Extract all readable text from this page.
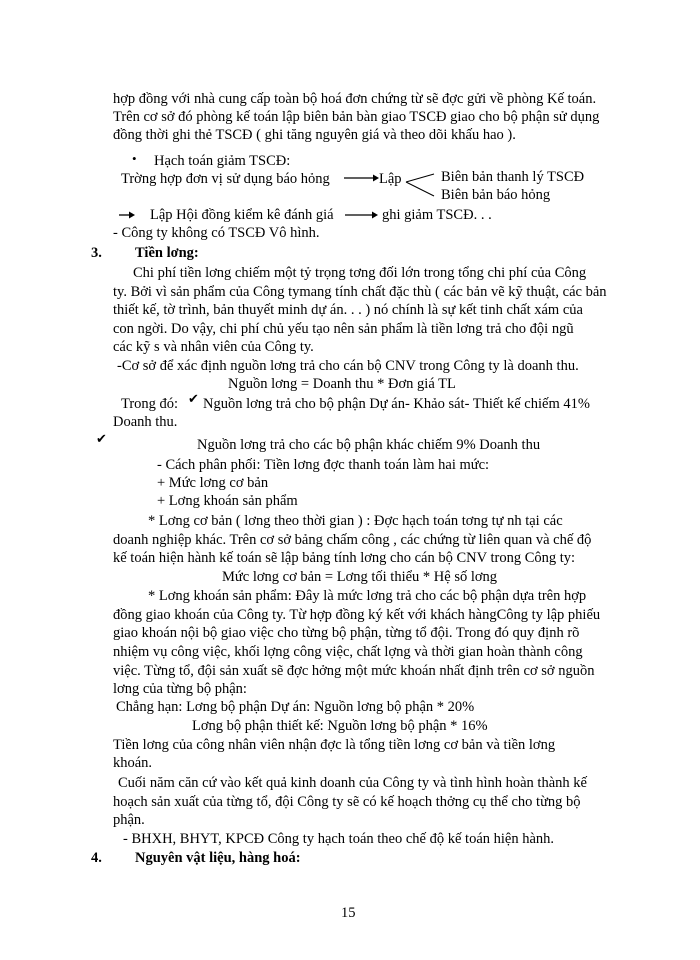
hợp đồng với nhà cung cấp toàn bộ hoá đơn chứng từ sẽ đợc gửi về phòng Kế toán.
Trên cơ sở đó phòng kế toán lập biên bản bàn giao TSCĐ giao cho bộ phận sử dụng
đồng thời ghi thẻ TSCĐ ( ghi tăng nguyên giá và theo dõi khấu hao ).
• Hạch toán giảm TSCĐ:
Trờng hợp đơn vị sử dụng báo hỏng	Lập	Biên bản thanh lý TSCĐ
Biên bản báo hỏng
Lập Hội đồng kiểm kê đánh giá	ghi giảm TSCĐ. . .
- Công ty không có TSCĐ Vô hình.
3. Tiền lơng:
Chi phí tiền lơng chiếm một tỷ trọng tơng đối lớn trong tổng chi phí của Công
ty. Bởi vì sản phẩm của Công tymang tính chất đặc thù ( các bản vẽ kỹ thuật, các bản
thiết kế, tờ trình, bản thuyết minh dự án. . . ) nó chính là sự kết tinh chất xám của
con ngời. Do vậy, chi phí chủ yếu tạo nên sản phẩm là tiền lơng trả cho đội ngũ
các kỹ s và nhân viên của Công ty.
-Cơ sở để xác định nguồn lơng trả cho cán bộ CNV trong Công ty là doanh thu.
Nguồn lơng = Doanh thu * Đơn giá TL
Trong đó: ✔ Nguồn lơng trả cho bộ phận Dự án- Khảo sát- Thiết kế chiếm 41%
Doanh thu.
✔	Nguồn lơng trả cho các bộ phận khác chiếm 9% Doanh thu
- Cách phân phối: Tiền lơng đợc thanh toán làm hai mức:
+ Mức lơng cơ bản
+ Lơng khoán sản phẩm
* Lơng cơ bản ( lơng theo thời gian ) : Đợc hạch toán tơng tự nh tại các
doanh nghiệp khác. Trên cơ sở bảng chấm công , các chứng từ liên quan và chế độ
kế toán hiện hành kế toán sẽ lập bảng tính lơng cho cán bộ CNV trong Công ty:
Mức lơng cơ bản = Lơng tối thiểu * Hệ số lơng
* Lơng khoán sản phẩm: Đây là mức lơng trả cho các bộ phận dựa trên hợp
đồng giao khoán của Công ty. Từ hợp đồng ký kết với khách hàngCông ty lập phiếu
giao khoán nội bộ giao việc cho từng bộ phận, từng tổ đội. Trong đó quy định rõ
nhiệm vụ công việc, khối lợng công việc, chất lợng và thời gian hoàn thành công
việc. Từng tổ, đội sản xuất sẽ đợc hởng một mức khoán nhất định trên cơ sở nguồn
lơng của từng bộ phận:
Chẳng hạn: Lơng bộ phận Dự án: Nguồn lơng bộ phận * 20%
Lơng bộ phận thiết kế: Nguồn lơng bộ phận * 16%
Tiền lơng của công nhân viên nhận đợc là tổng tiền lơng cơ bản và tiền lơng
khoán.
Cuối năm căn cứ vào kết quả kinh doanh của Công ty và tình hình hoàn thành kế
hoạch sản xuất của từng tổ, đội Công ty sẽ có kế hoạch thởng cụ thể cho từng bộ
phận.
- BHXH, BHYT, KPCĐ Công ty hạch toán theo chế độ kế toán hiện hành.
4. Nguyên vật liệu, hàng hoá:
15
